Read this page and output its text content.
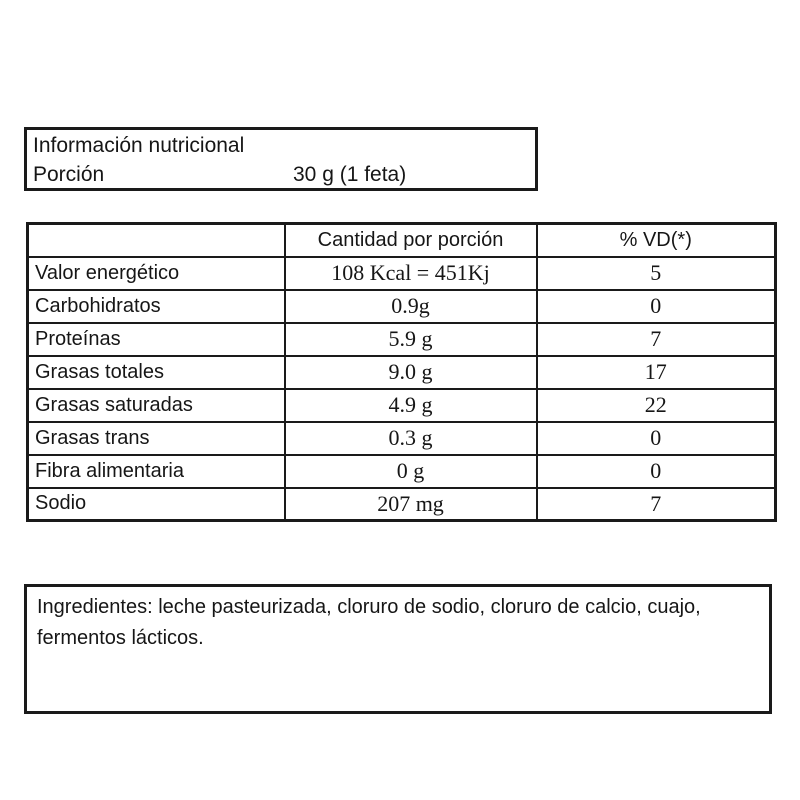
Información nutricional
Porción	30 g (1 feta)
	Cantidad por porción	% VD(*)
Valor energético	108 Kcal = 451Kj	5
Carbohidratos	0.9g	0
Proteínas	5.9 g	7
Grasas totales	9.0 g	17
Grasas saturadas	4.9 g	22
Grasas trans	0.3 g	0
Fibra alimentaria	0 g	0
Sodio	207 mg	7
Ingredientes: leche pasteurizada, cloruro de sodio, cloruro de calcio, cuajo, fermentos lácticos.
